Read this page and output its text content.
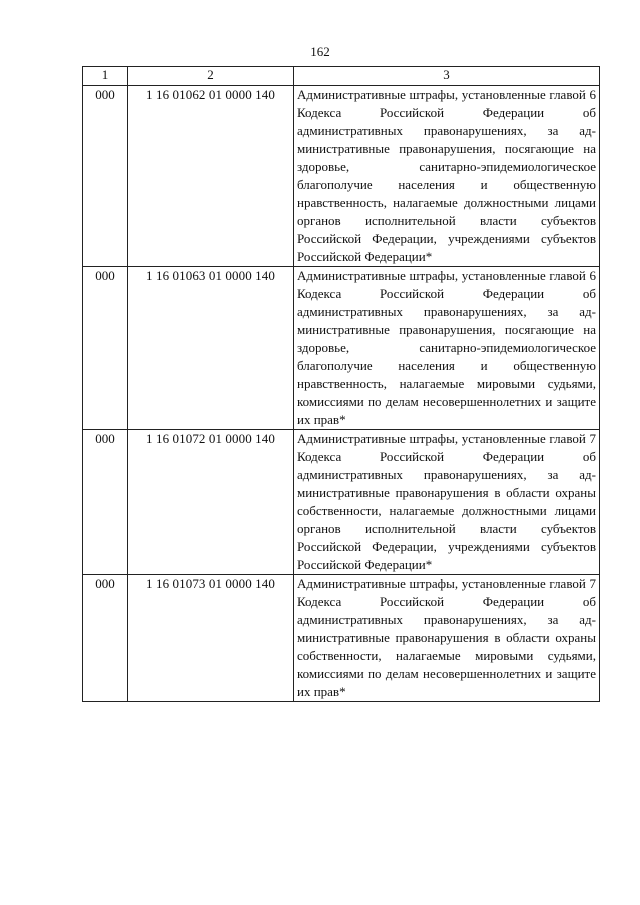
162
1	2	3
000	1 16 01062 01 0000 140	Административные штрафы, установленные главой 6 Кодекса Российской Федерации об административных правонарушениях, за административные правонарушения, посягающие на здоровье, санитарно-эпидемиологическое благополучие населения и общественную нравственность, налагаемые должностными лицами органов исполнительной власти субъектов Российской Федерации, учреждениями субъектов Российской Федерации*
000	1 16 01063 01 0000 140	Административные штрафы, установленные главой 6 Кодекса Российской Федерации об административных правонарушениях, за административные правонарушения, посягающие на здоровье, санитарно-эпидемиологическое благополучие населения и общественную нравственность, налагаемые мировыми судьями, комиссиями по делам несовершеннолетних и защите их прав*
000	1 16 01072 01 0000 140	Административные штрафы, установленные главой 7 Кодекса Российской Федерации об административных правонарушениях, за административные правонарушения в области охраны собственности, налагаемые должностными лицами органов исполнительной власти субъектов Российской Федерации, учреждениями субъектов Российской Федерации*
000	1 16 01073 01 0000 140	Административные штрафы, установленные главой 7 Кодекса Российской Федерации об административных правонарушениях, за административные правонарушения в области охраны собственности, налагаемые мировыми судьями, комиссиями по делам несовершеннолетних и защите их прав*
